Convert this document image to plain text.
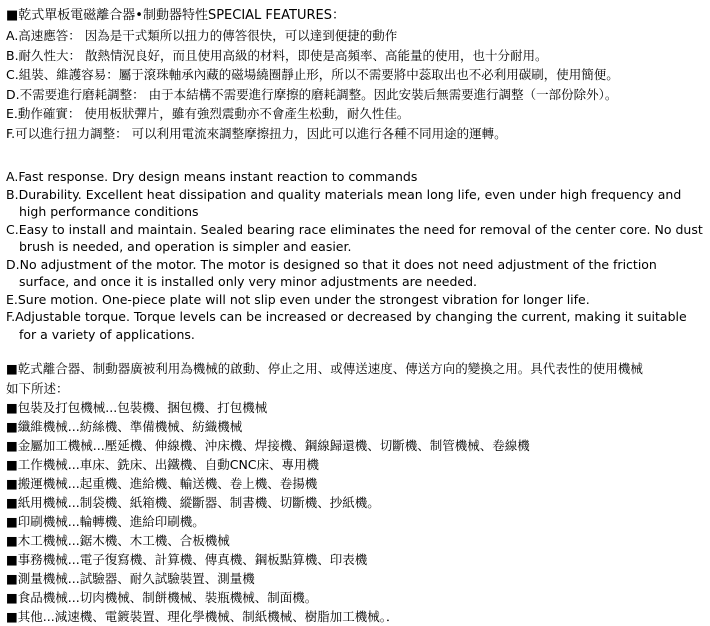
■乾式單板電磁離合器•制動器特性SPECIAL FEATURES：
A.高速應答： 因為是干式類所以扭力的傳答很快，可以達到便捷的動作
B.耐久性大： 散熱情況良好，而且使用高級的材料，即使是高頻率、高能量的使用，也十分耐用。
C.組裝、維護容易：屬于滾珠軸承內藏的磁場繞圈靜止形，所以不需要將中蕊取出也不必利用碳刷，使用簡便。
D.不需要進行磨耗調整： 由于本結構不需要進行摩擦的磨耗調整。因此安裝后無需要進行調整（一部份除外）。
E.動作確實： 使用板狀彈片，雖有強烈震動亦不會產生松動，耐久性佳。
F.可以進行扭力調整： 可以利用電流來調整摩擦扭力，因此可以進行各種不同用途的運轉。
A.Fast response. Dry design means instant reaction to commands
B.Durability. Excellent heat dissipation and quality materials mean long life, even under high frequency and high performance conditions
C.Easy to install and maintain. Sealed bearing race eliminates the need for removal of the center core. No dust brush is needed, and operation is simpler and easier.
D.No adjustment of the motor. The motor is designed so that it does not need adjustment of the friction surface, and once it is installed only very minor adjustments are needed.
E.Sure motion. One-piece plate will not slip even under the strongest vibration for longer life.
F.Adjustable torque. Torque levels can be increased or decreased by changing the current, making it suitable for a variety of applications.
■乾式離合器、制動器廣被利用為機械的啟動、停止之用、或傳送速度、傳送方向的變換之用。具代表性的使用機械
如下所述：
■包裝及打包機械...包裝機、捆包機、打包機械
■纖維機械...紡絲機、準備機械、紡織機械
■金屬加工機械...壓延機、伸線機、沖床機、焊接機、鋼線歸還機、切斷機、制管機械、卷線機
■工作機械...車床、銑床、出鐵機、自動CNC床、專用機
■搬運機械...起重機、進給機、輸送機、卷上機、卷揚機
■紙用機械...制袋機、紙箱機、縱斷器、制書機、切斷機、抄紙機。
■印刷機械...輪轉機、進給印刷機。
■木工機械...鋸木機、木工機、合板機械
■事務機械...電子復寫機、計算機、傳真機、鋼板點算機、印表機
■測量機械...試驗器、耐久試驗裝置、測量機
■食品機械...切肉機械、制餅機械、裝瓶機械、制面機。
■其他...減速機、電鍍裝置、理化學機械、制紙機械、樹脂加工機械。．
